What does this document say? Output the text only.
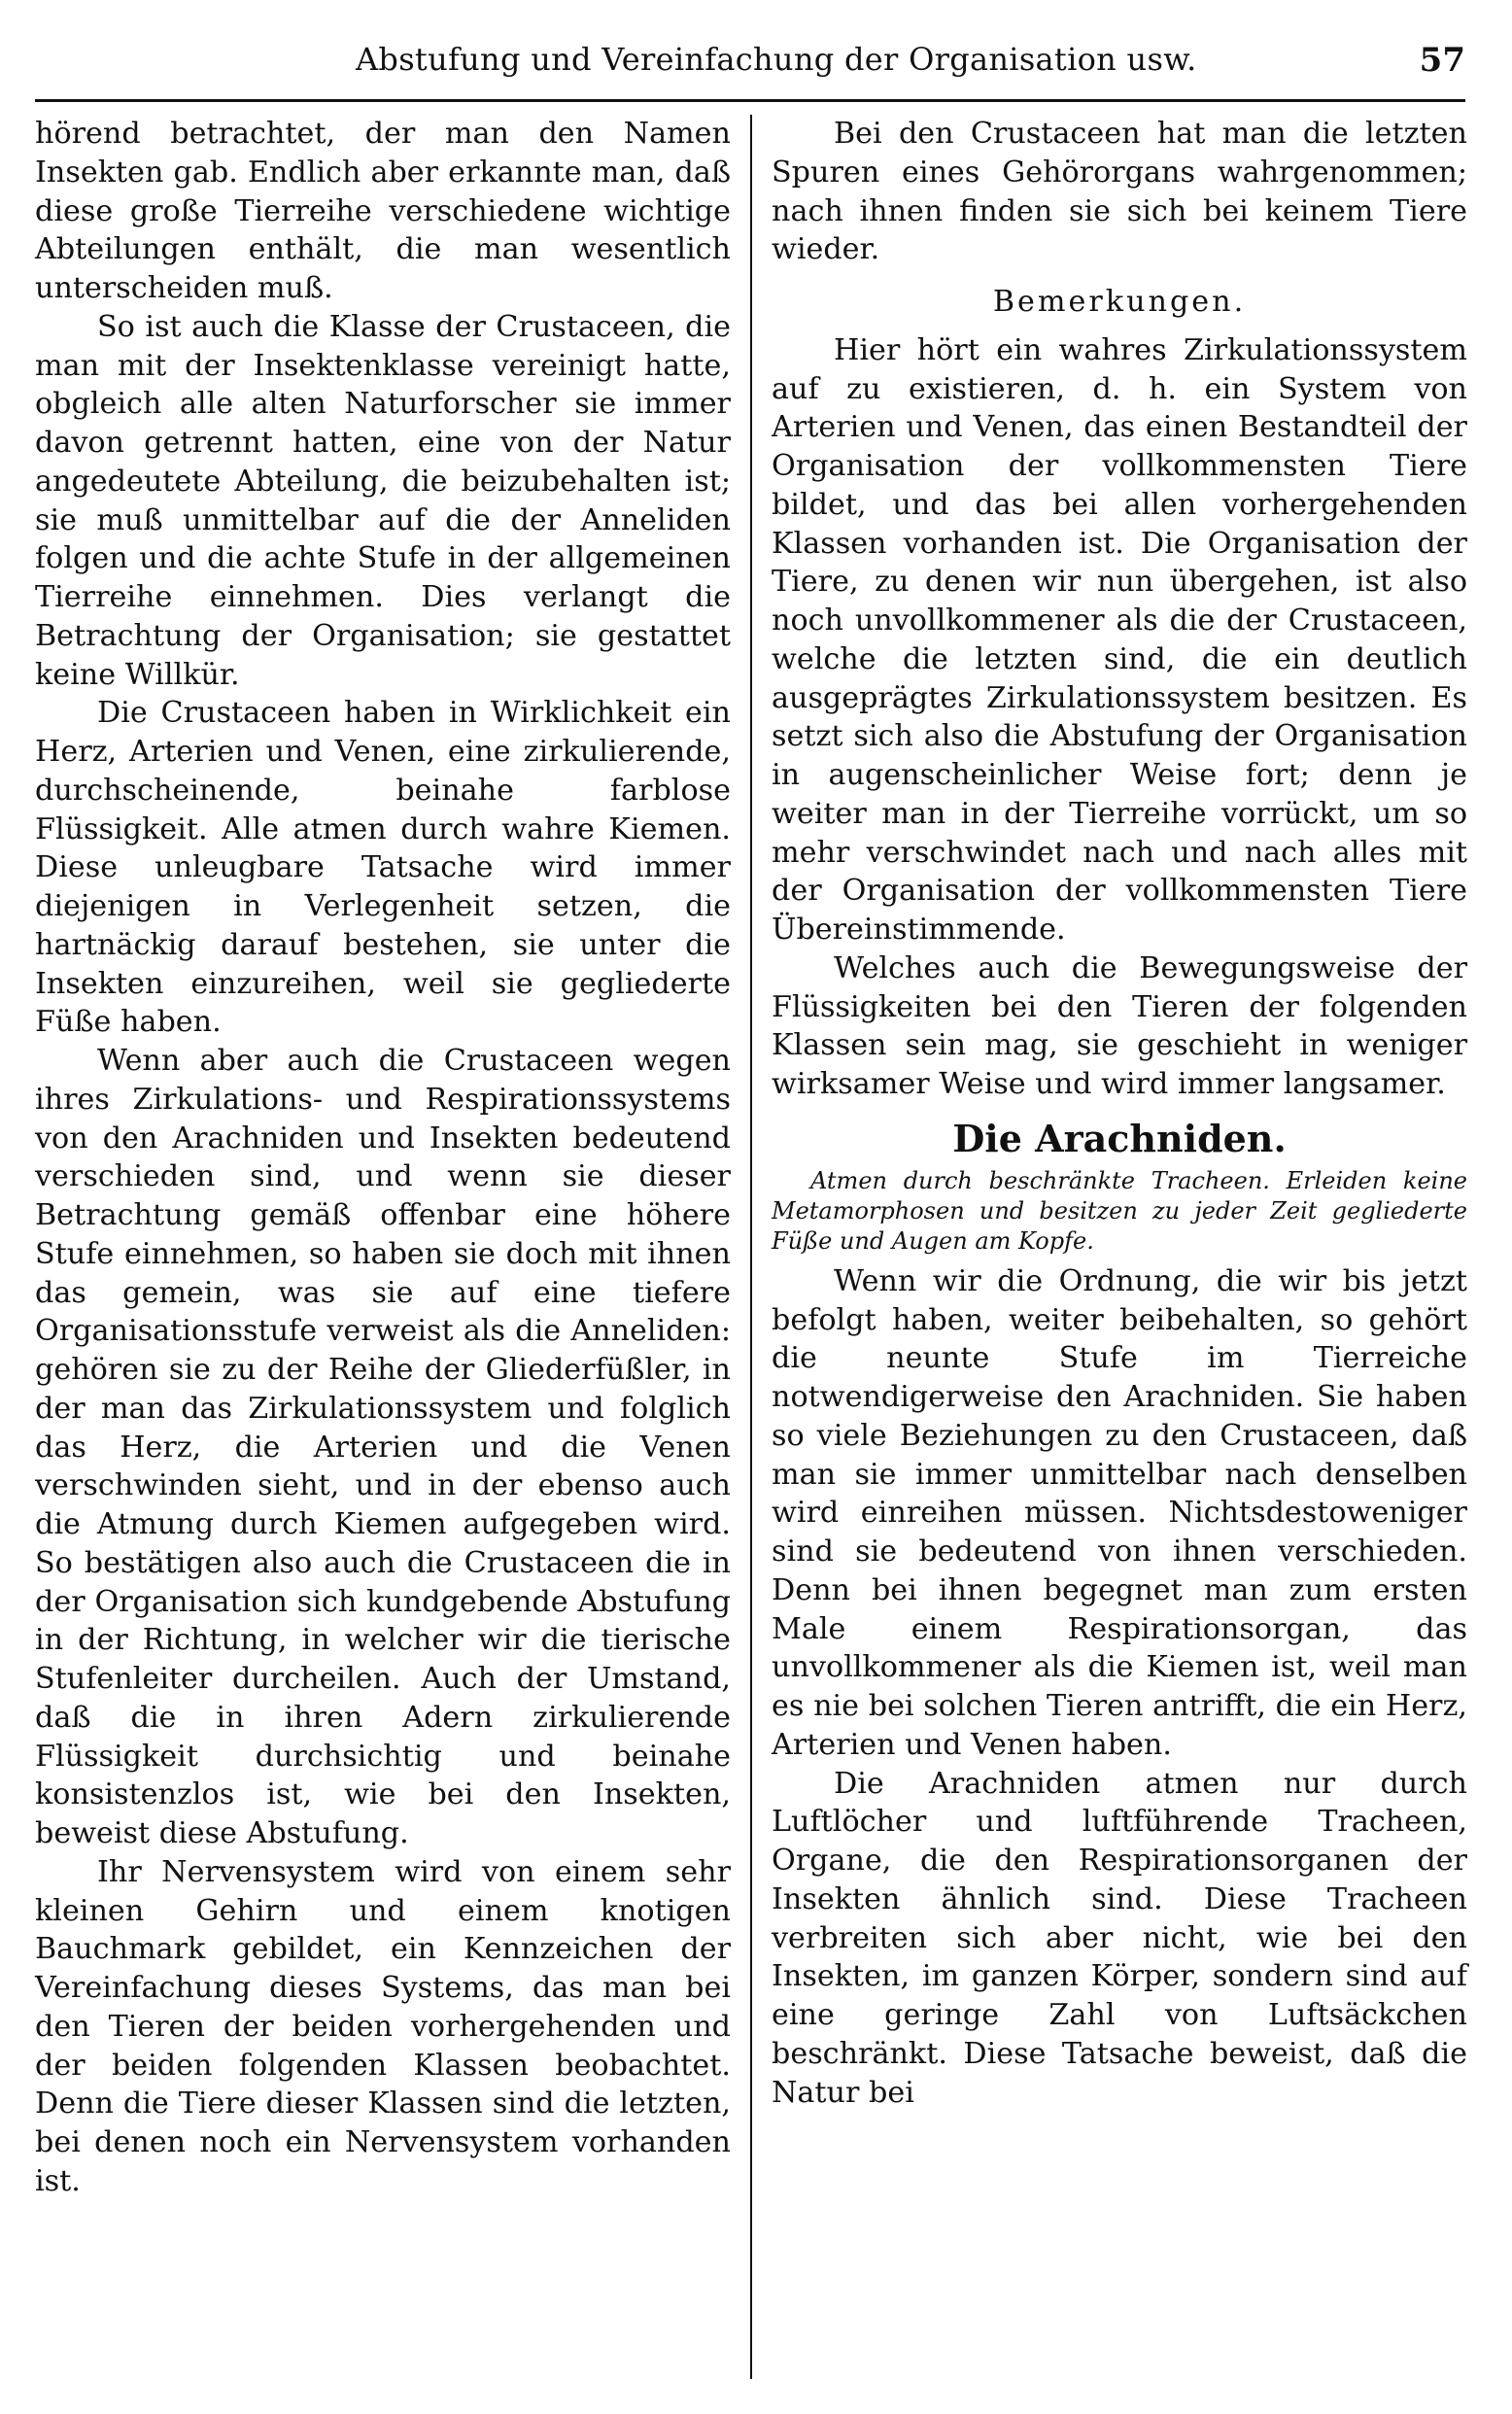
Abstufung und Vereinfachung der Organisation usw.	57

hörend betrachtet, der man den Namen Insekten gab. Endlich aber erkannte man, daß diese große Tierreihe verschiedene wichtige Abteilungen enthält, die man wesentlich unterscheiden muß.

So ist auch die Klasse der Crustaceen, die man mit der Insektenklasse vereinigt hatte, obgleich alle alten Naturforscher sie immer davon getrennt hatten, eine von der Natur angedeutete Abteilung, die beizubehalten ist; sie muß unmittelbar auf die der Anneliden folgen und die achte Stufe in der allgemeinen Tierreihe einnehmen. Dies verlangt die Betrachtung der Organisation; sie gestattet keine Willkür.

Die Crustaceen haben in Wirklichkeit ein Herz, Arterien und Venen, eine zirkulierende, durchscheinende, beinahe farblose Flüssigkeit. Alle atmen durch wahre Kiemen. Diese unleugbare Tatsache wird immer diejenigen in Verlegenheit setzen, die hartnäckig darauf bestehen, sie unter die Insekten einzureihen, weil sie gegliederte Füße haben.

Wenn aber auch die Crustaceen wegen ihres Zirkulations- und Respirationssystems von den Arachniden und Insekten bedeutend verschieden sind, und wenn sie dieser Betrachtung gemäß offenbar eine höhere Stufe einnehmen, so haben sie doch mit ihnen das gemein, was sie auf eine tiefere Organisationsstufe verweist als die Anneliden: gehören sie zu der Reihe der Gliederfüßler, in der man das Zirkulationssystem und folglich das Herz, die Arterien und die Venen verschwinden sieht, und in der ebenso auch die Atmung durch Kiemen aufgegeben wird. So bestätigen also auch die Crustaceen die in der Organisation sich kundgebende Abstufung in der Richtung, in welcher wir die tierische Stufenleiter durcheilen. Auch der Umstand, daß die in ihren Adern zirkulierende Flüssigkeit durchsichtig und beinahe konsistenzlos ist, wie bei den Insekten, beweist diese Abstufung.

Ihr Nervensystem wird von einem sehr kleinen Gehirn und einem knotigen Bauchmark gebildet, ein Kennzeichen der Vereinfachung dieses Systems, das man bei den Tieren der beiden vorhergehenden und der beiden folgenden Klassen beobachtet. Denn die Tiere dieser Klassen sind die letzten, bei denen noch ein Nervensystem vorhanden ist.

Bei den Crustaceen hat man die letzten Spuren eines Gehörorgans wahrgenommen; nach ihnen finden sie sich bei keinem Tiere wieder.

Bemerkungen.

Hier hört ein wahres Zirkulationssystem auf zu existieren, d. h. ein System von Arterien und Venen, das einen Bestandteil der Organisation der vollkommensten Tiere bildet, und das bei allen vorhergehenden Klassen vorhanden ist. Die Organisation der Tiere, zu denen wir nun übergehen, ist also noch unvollkommener als die der Crustaceen, welche die letzten sind, die ein deutlich ausgeprägtes Zirkulationssystem besitzen. Es setzt sich also die Abstufung der Organisation in augenscheinlicher Weise fort; denn je weiter man in der Tierreihe vorrückt, um so mehr verschwindet nach und nach alles mit der Organisation der vollkommensten Tiere Übereinstimmende.

Welches auch die Bewegungsweise der Flüssigkeiten bei den Tieren der folgenden Klassen sein mag, sie geschieht in weniger wirksamer Weise und wird immer langsamer.

Die Arachniden.

Atmen durch beschränkte Tracheen. Erleiden keine Metamorphosen und besitzen zu jeder Zeit gegliederte Füße und Augen am Kopfe.

Wenn wir die Ordnung, die wir bis jetzt befolgt haben, weiter beibehalten, so gehört die neunte Stufe im Tierreiche notwendigerweise den Arachniden. Sie haben so viele Beziehungen zu den Crustaceen, daß man sie immer unmittelbar nach denselben wird einreihen müssen. Nichtsdestoweniger sind sie bedeutend von ihnen verschieden. Denn bei ihnen begegnet man zum ersten Male einem Respirationsorgan, das unvollkommener als die Kiemen ist, weil man es nie bei solchen Tieren antrifft, die ein Herz, Arterien und Venen haben.

Die Arachniden atmen nur durch Luftlöcher und luftführende Tracheen, Organe, die den Respirationsorganen der Insekten ähnlich sind. Diese Tracheen verbreiten sich aber nicht, wie bei den Insekten, im ganzen Körper, sondern sind auf eine geringe Zahl von Luftsäckchen beschränkt. Diese Tatsache beweist, daß die Natur bei
